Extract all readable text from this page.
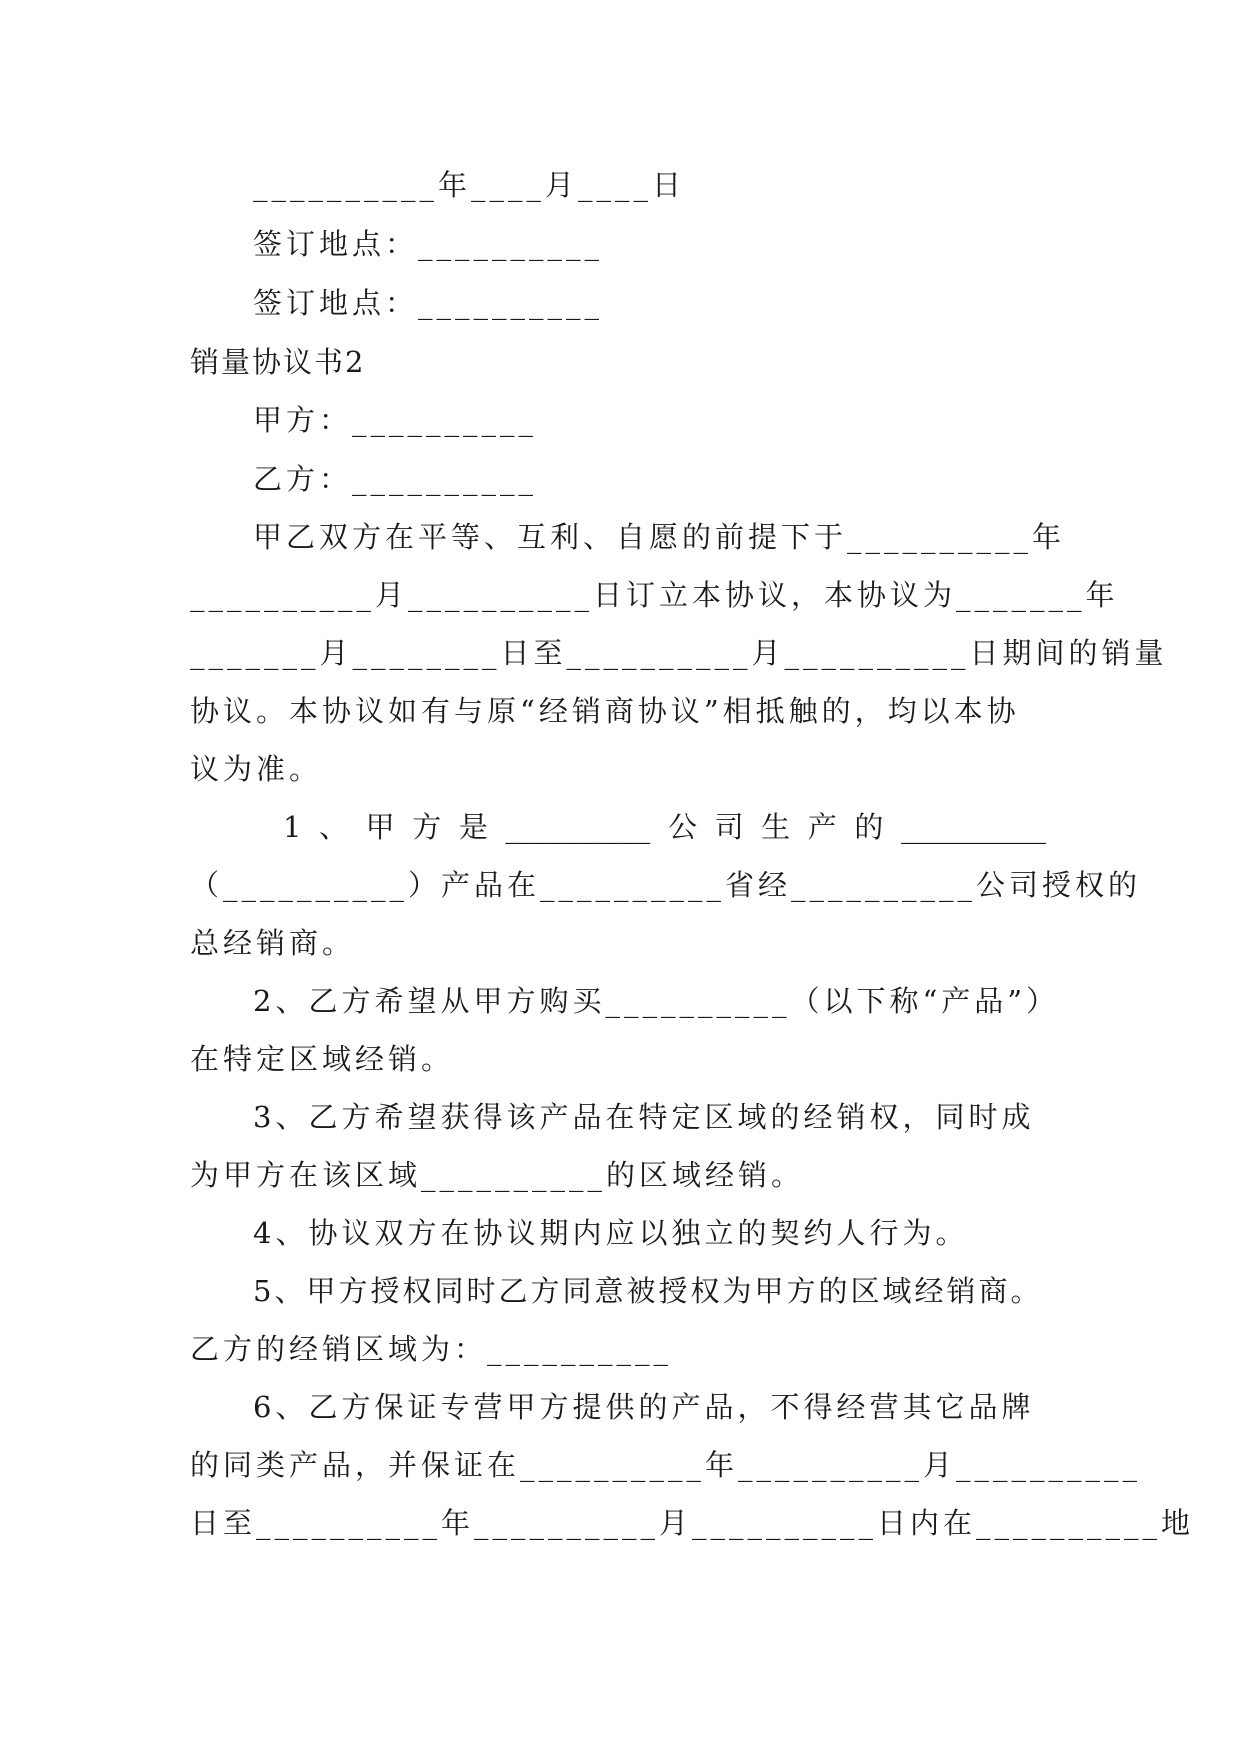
__________年____月____日
签订地点：__________
签订地点：__________
销量协议书2
甲方：__________
乙方：__________
甲乙双方在平等、互利、自愿的前提下于__________年
__________月__________日订立本协议，本协议为_______年
_______月________日至__________月__________日期间的销量
协议。本协议如有与原“经销商协议”相抵触的，均以本协
议为准。
1 、 甲 方 是 __________ 公 司 生 产 的 __________
（__________）产品在__________省经__________公司授权的
总经销商。
2、乙方希望从甲方购买__________（以下称“产品”）
在特定区域经销。
3、乙方希望获得该产品在特定区域的经销权，同时成
为甲方在该区域__________的区域经销。
4、协议双方在协议期内应以独立的契约人行为。
5、甲方授权同时乙方同意被授权为甲方的区域经销商。
乙方的经销区域为：__________
6、乙方保证专营甲方提供的产品，不得经营其它品牌
的同类产品，并保证在__________年__________月__________
日至__________年__________月__________日内在__________地
